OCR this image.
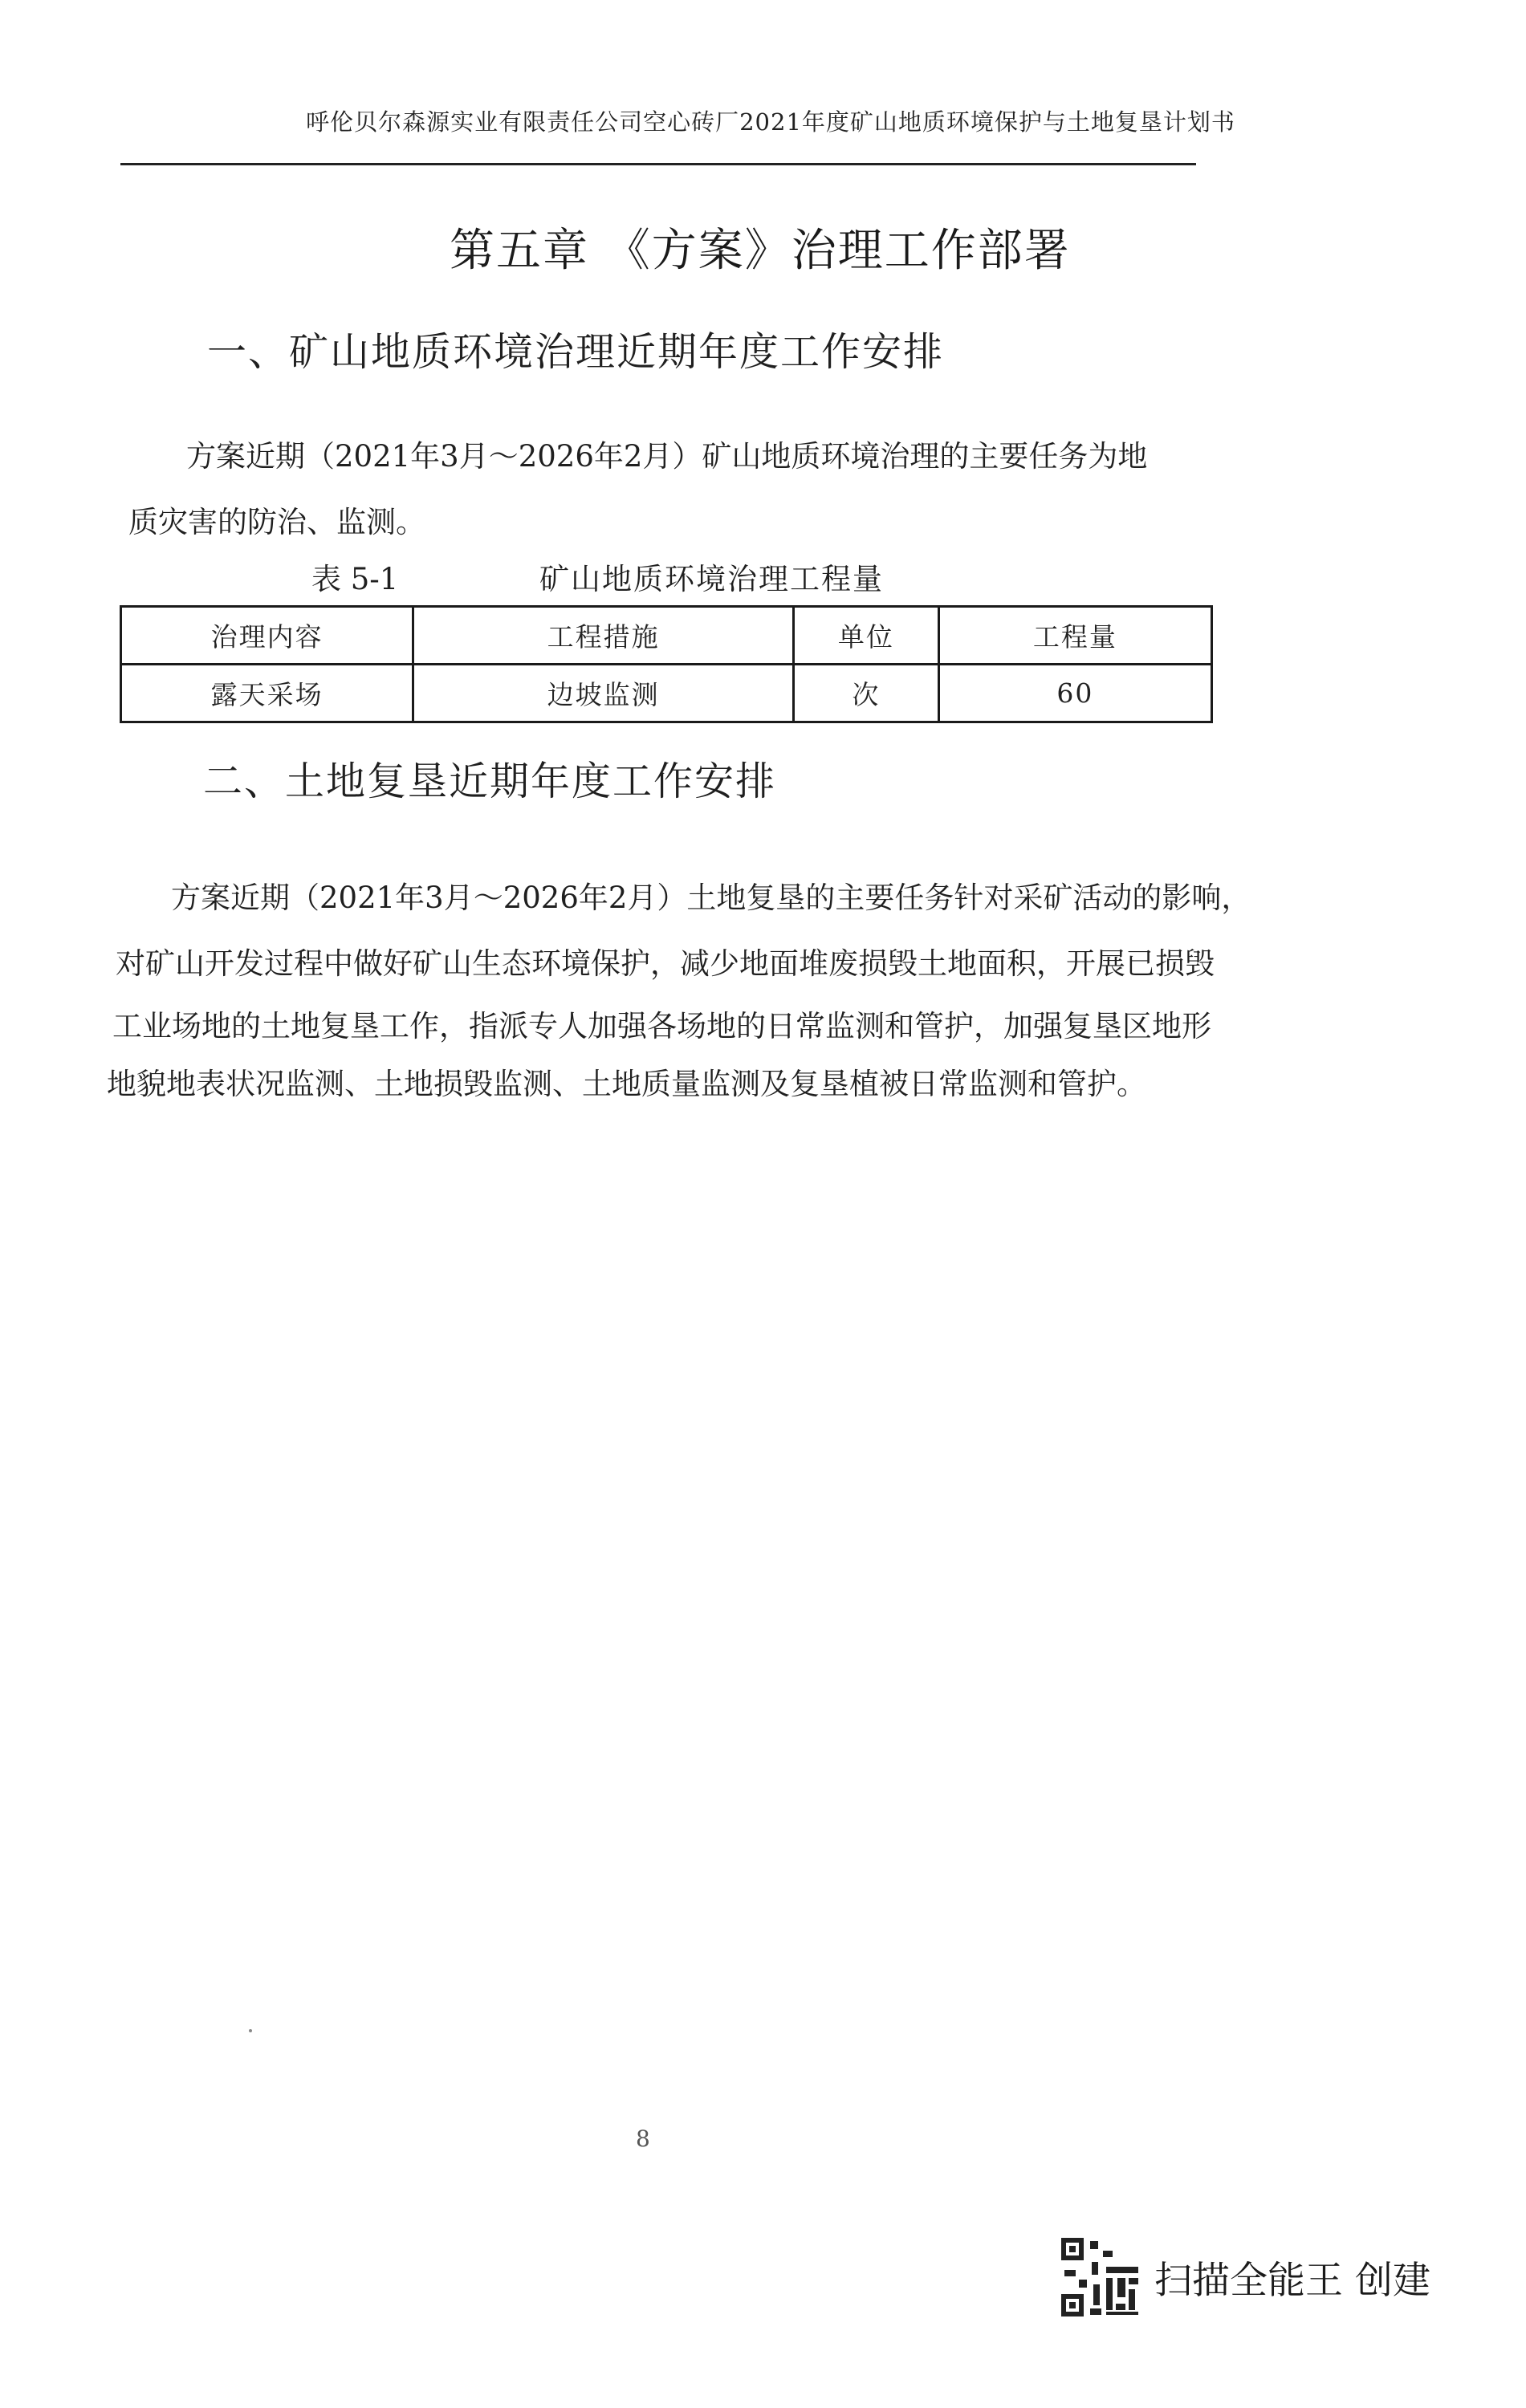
呼伦贝尔森源实业有限责任公司空心砖厂2021年度矿山地质环境保护与土地复垦计划书
第五章 《方案》治理工作部署
一、矿山地质环境治理近期年度工作安排
方案近期（2021年3月～2026年2月）矿山地质环境治理的主要任务为地
质灾害的防治、监测。
表 5-1	矿山地质环境治理工程量
治理内容	工程措施	单位	工程量
露天采场	边坡监测	次	60
二、土地复垦近期年度工作安排
方案近期（2021年3月～2026年2月）土地复垦的主要任务针对采矿活动的影响，
对矿山开发过程中做好矿山生态环境保护，减少地面堆废损毁土地面积，开展已损毁
工业场地的土地复垦工作，指派专人加强各场地的日常监测和管护，加强复垦区地形
地貌地表状况监测、土地损毁监测、土地质量监测及复垦植被日常监测和管护。
8
扫描全能王 创建
